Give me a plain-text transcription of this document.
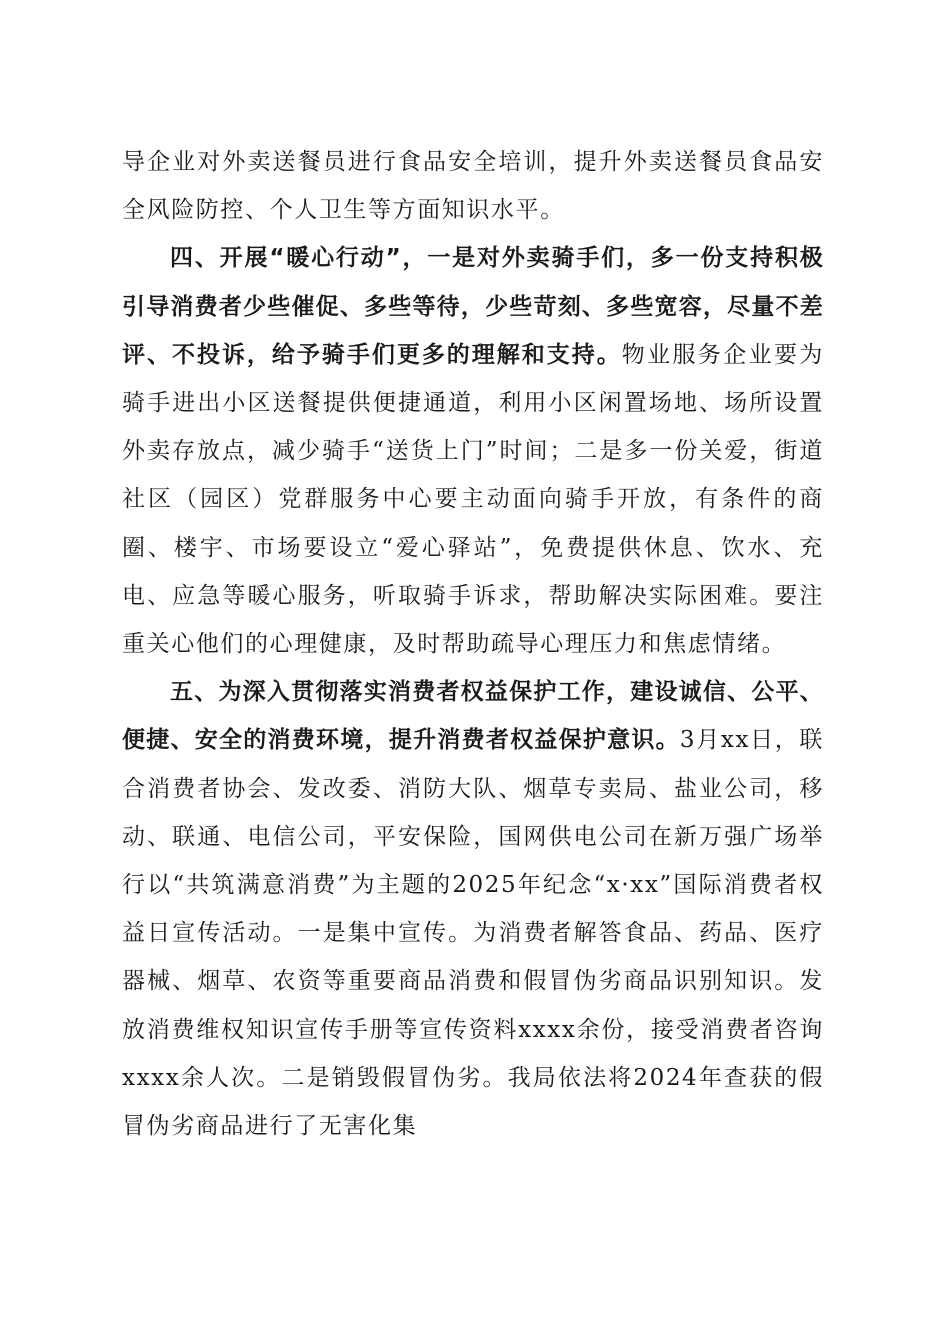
导企业对外卖送餐员进行食品安全培训，提升外卖送餐员食品安全风险防控、个人卫生等方面知识水平。

四、开展“暖心行动”，一是对外卖骑手们，多一份支持积极引导消费者少些催促、多些等待，少些苛刻、多些宽容，尽量不差评、不投诉，给予骑手们更多的理解和支持。物业服务企业要为骑手进出小区送餐提供便捷通道，利用小区闲置场地、场所设置外卖存放点，减少骑手“送货上门”时间；二是多一份关爱，街道社区（园区）党群服务中心要主动面向骑手开放，有条件的商圈、楼宇、市场要设立“爱心驿站”，免费提供休息、饮水、充电、应急等暖心服务，听取骑手诉求，帮助解决实际困难。要注重关心他们的心理健康，及时帮助疏导心理压力和焦虑情绪。

五、为深入贯彻落实消费者权益保护工作，建设诚信、公平、便捷、安全的消费环境，提升消费者权益保护意识。3月xx日，联合消费者协会、发改委、消防大队、烟草专卖局、盐业公司，移动、联通、电信公司，平安保险，国网供电公司在新万强广场举行以“共筑满意消费”为主题的2025年纪念“x·xx”国际消费者权益日宣传活动。一是集中宣传。为消费者解答食品、药品、医疗器械、烟草、农资等重要商品消费和假冒伪劣商品识别知识。发放消费维权知识宣传手册等宣传资料xxxx余份，接受消费者咨询xxxx余人次。二是销毁假冒伪劣。我局依法将2024年查获的假冒伪劣商品进行了无害化集
